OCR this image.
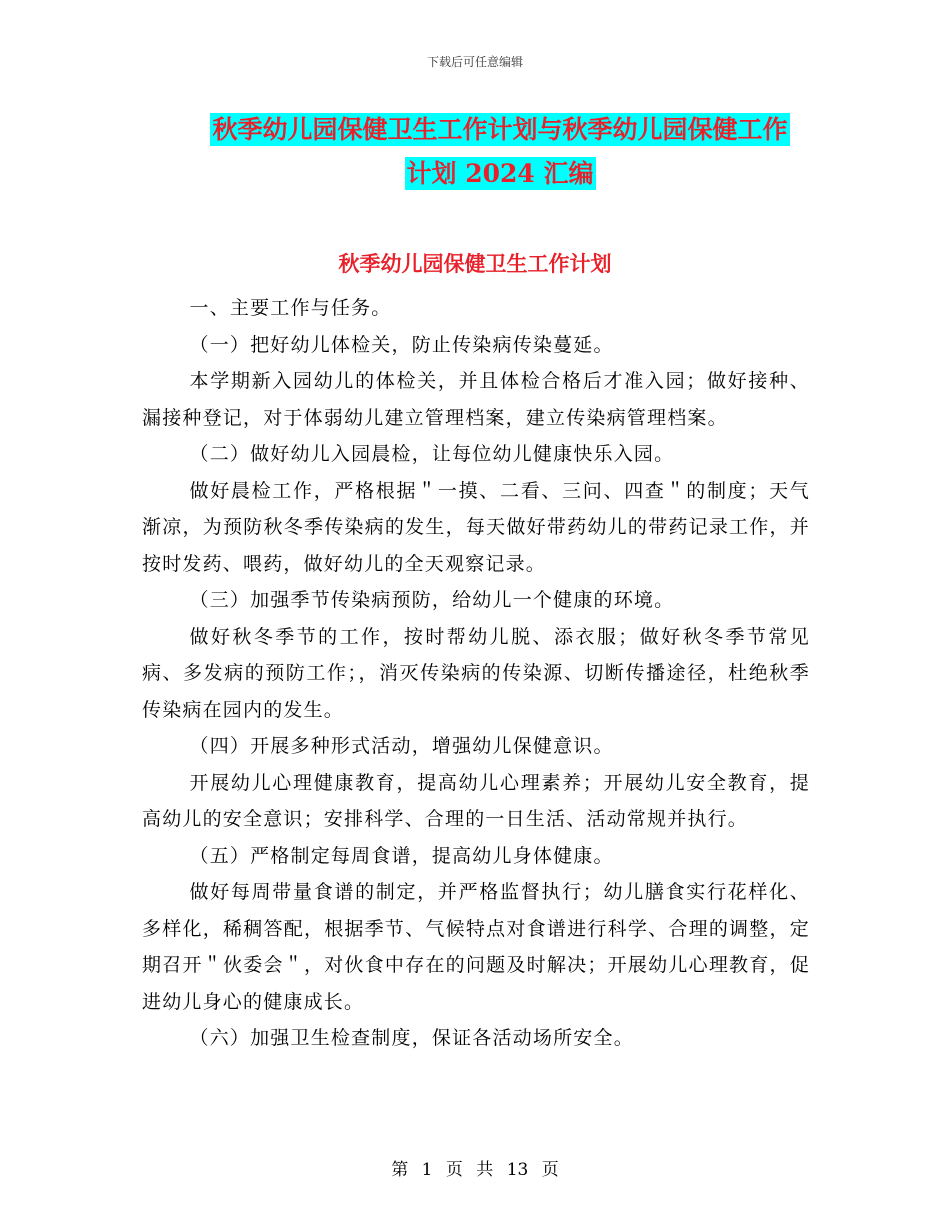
下载后可任意编辑
秋季幼儿园保健卫生工作计划与秋季幼儿园保健工作
计划 2024 汇编
秋季幼儿园保健卫生工作计划

一、主要工作与任务。

（一）把好幼儿体检关，防止传染病传染蔓延。

本学期新入园幼儿的体检关，并且体检合格后才准入园；做好接种、漏接种登记，对于体弱幼儿建立管理档案，建立传染病管理档案。

（二）做好幼儿入园晨检，让每位幼儿健康快乐入园。

做好晨检工作，严格根据＂一摸、二看、三问、四查＂的制度；天气渐凉，为预防秋冬季传染病的发生，每天做好带药幼儿的带药记录工作，并按时发药、喂药，做好幼儿的全天观察记录。

（三）加强季节传染病预防，给幼儿一个健康的环境。

做好秋冬季节的工作，按时帮幼儿脱、添衣服；做好秋冬季节常见病、多发病的预防工作；，消灭传染病的传染源、切断传播途径，杜绝秋季传染病在园内的发生。

（四）开展多种形式活动，增强幼儿保健意识。

开展幼儿心理健康教育，提高幼儿心理素养；开展幼儿安全教育，提高幼儿的安全意识；安排科学、合理的一日生活、活动常规并执行。

（五）严格制定每周食谱，提高幼儿身体健康。

做好每周带量食谱的制定，并严格监督执行；幼儿膳食实行花样化、多样化，稀稠答配，根据季节、气候特点对食谱进行科学、合理的调整，定期召开＂伙委会＂，对伙食中存在的问题及时解决；开展幼儿心理教育，促进幼儿身心的健康成长。

（六）加强卫生检查制度，保证各活动场所安全。

第 1 页 共 13 页
